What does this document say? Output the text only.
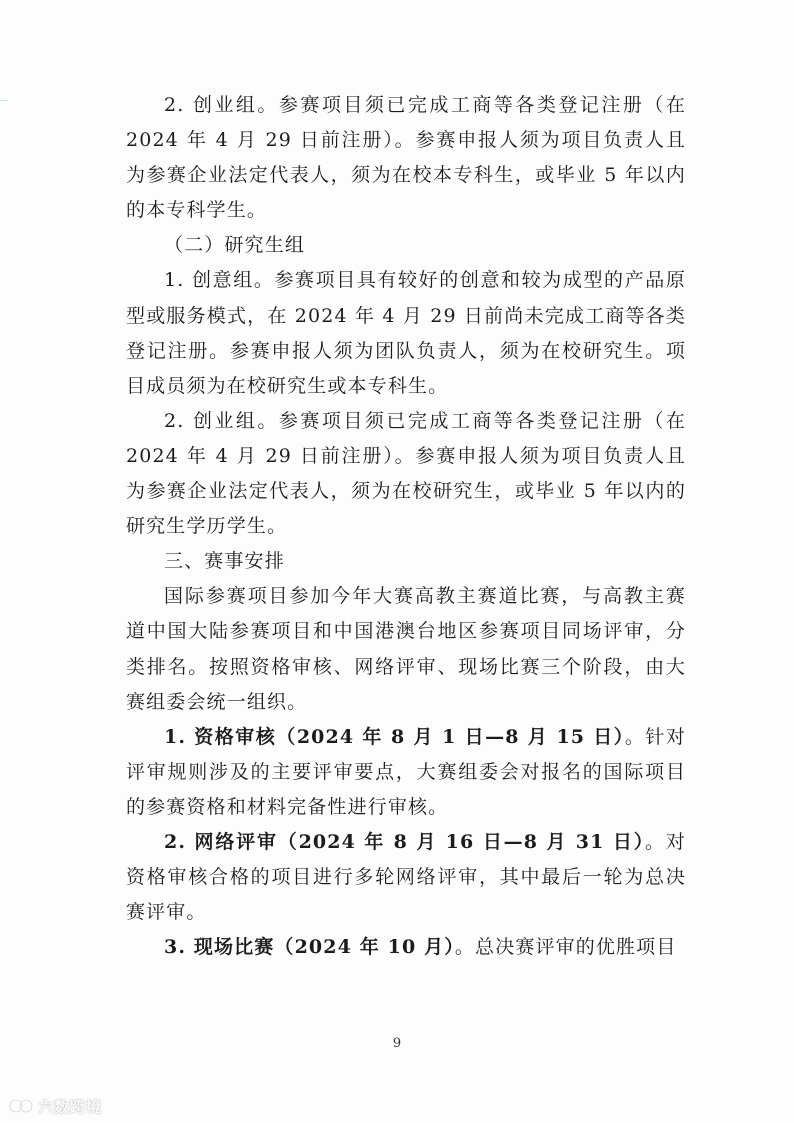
2. 创业组。参赛项目须已完成工商等各类登记注册（在 2024 年 4 月 29 日前注册）。参赛申报人须为项目负责人且为参赛企业法定代表人，须为在校本专科生，或毕业 5 年以内的本专科学生。

（二）研究生组

1. 创意组。参赛项目具有较好的创意和较为成型的产品原型或服务模式，在 2024 年 4 月 29 日前尚未完成工商等各类登记注册。参赛申报人须为团队负责人，须为在校研究生。项目成员须为在校研究生或本专科生。

2. 创业组。参赛项目须已完成工商等各类登记注册（在 2024 年 4 月 29 日前注册）。参赛申报人须为项目负责人且为参赛企业法定代表人，须为在校研究生，或毕业 5 年以内的研究生学历学生。

三、赛事安排

国际参赛项目参加今年大赛高教主赛道比赛，与高教主赛道中国大陆参赛项目和中国港澳台地区参赛项目同场评审，分类排名。按照资格审核、网络评审、现场比赛三个阶段，由大赛组委会统一组织。

1. 资格审核（2024 年 8 月 1 日—8 月 15 日）。针对评审规则涉及的主要评审要点，大赛组委会对报名的国际项目的参赛资格和材料完备性进行审核。

2. 网络评审（2024 年 8 月 16 日—8 月 31 日）。对资格审核合格的项目进行多轮网络评审，其中最后一轮为总决赛评审。

3. 现场比赛（2024 年 10 月）。总决赛评审的优胜项目

9
六数跨境
